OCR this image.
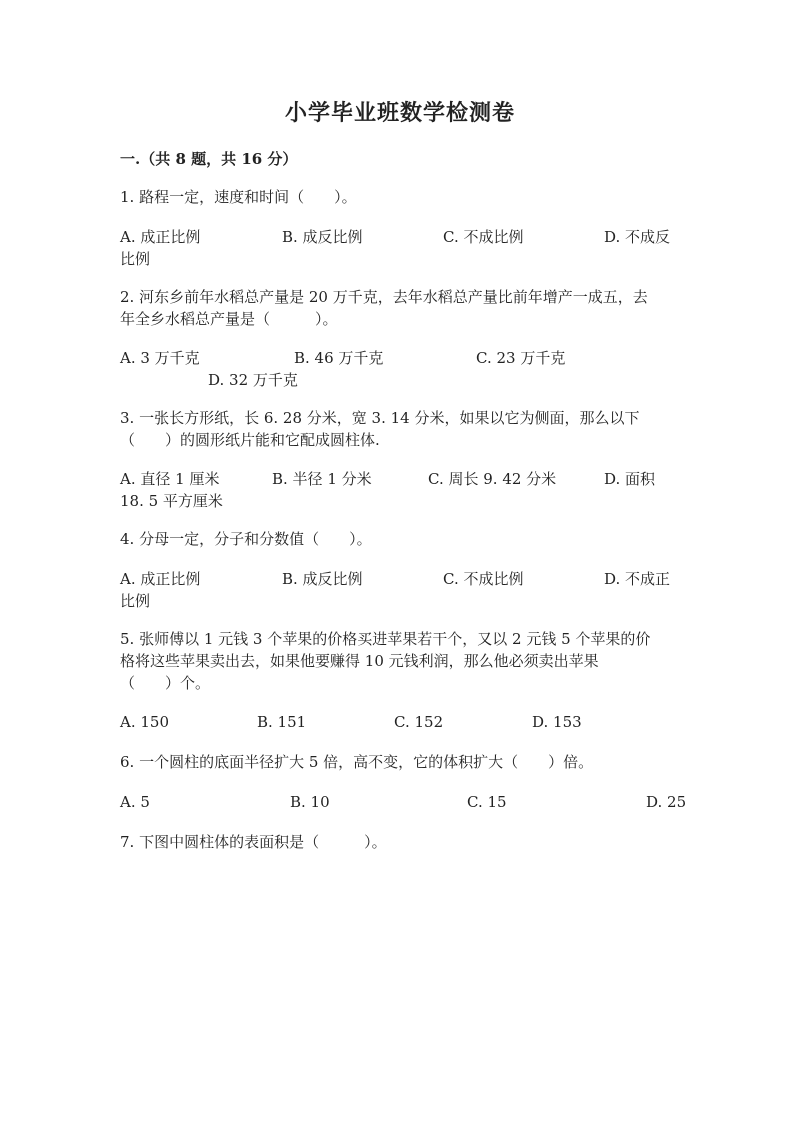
小学毕业班数学检测卷
一.（共 8 题，共 16 分）
1. 路程一定，速度和时间（　　）。
A. 成正比例	B. 成反比例	C. 不成比例	D. 不成反
比例
2. 河东乡前年水稻总产量是 20 万千克，去年水稻总产量比前年增产一成五，去
年全乡水稻总产量是（　　　）。
A. 3 万千克	B. 46 万千克	C. 23 万千克
D. 32 万千克
3. 一张长方形纸，长 6. 28 分米，宽 3. 14 分米，如果以它为侧面，那么以下
（　　）的圆形纸片能和它配成圆柱体.
A. 直径 1 厘米	B. 半径 1 分米	C. 周长 9. 42 分米	D. 面积
18. 5 平方厘米
4. 分母一定，分子和分数值（　　）。
A. 成正比例	B. 成反比例	C. 不成比例	D. 不成正
比例
5. 张师傅以 1 元钱 3 个苹果的价格买进苹果若干个，又以 2 元钱 5 个苹果的价
格将这些苹果卖出去，如果他要赚得 10 元钱利润，那么他必须卖出苹果
（　　）个。
A. 150	B. 151	C. 152	D. 153
6. 一个圆柱的底面半径扩大 5 倍，高不变，它的体积扩大（　　）倍。
A. 5	B. 10	C. 15	D. 25
7. 下图中圆柱体的表面积是（　　　）。
